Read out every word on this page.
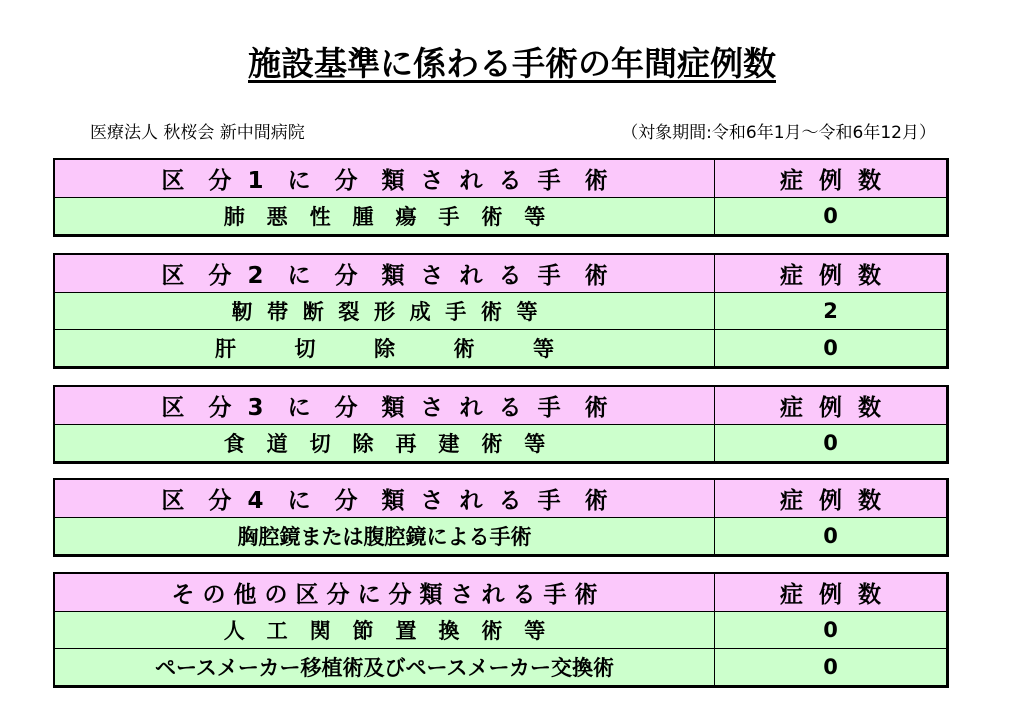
施設基準に係わる手術の年間症例数
医療法人 秋桜会 新中間病院	（対象期間:令和6年1月～令和6年12月）
区   分  1   に   分   類  さ  れ  る  手   術	症  例  数
肺   悪   性   腫   瘍   手   術   等	0
区   分  2   に   分   類  さ  れ  る  手   術	症  例  数
靭  帯  断  裂  形  成  手  術  等	2
肝        切        除        術        等	0
区   分  3   に   分   類  さ  れ  る  手   術	症  例  数
食   道   切   除   再   建   術   等	0
区   分  4   に   分   類  さ  れ  る  手   術	症  例  数
胸腔鏡または腹腔鏡による手術	0
そ の 他 の 区 分 に 分 類 さ れ る 手 術	症  例  数
人   工   関   節   置   換   術   等	0
ペースメーカー移植術及びペースメーカー交換術	0
